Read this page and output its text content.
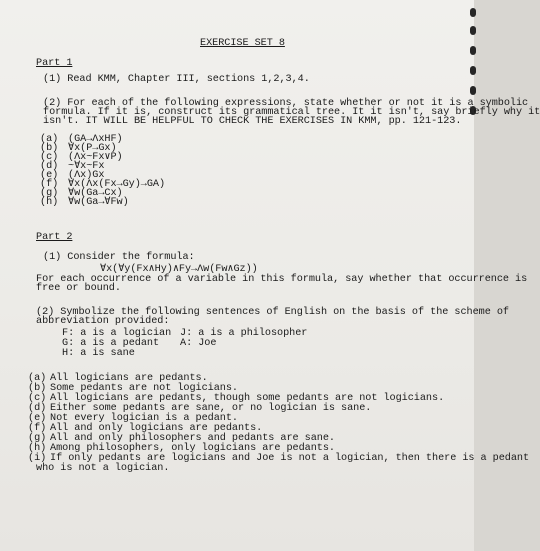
EXERCISE SET 8
Part 1
(1) Read KMM, Chapter III, sections 1,2,3,4.
(2) For each of the following expressions, state whether or not it is a symbolic
formula. If it is, construct its grammatical tree. It it isn't, say briefly why it
isn't. IT WILL BE HELPFUL TO CHECK THE EXERCISES IN KMM, pp. 121-123.
(a) (GA→ΛxHF)
(b) ∀x(P→Gx)
(c) (Λx~Fx∨P)
(d) ~∀x~Fx
(e) (Λx)Gx
(f) ∀x(Λx(Fx→Gy)→GA)
(g) ∀w(Ga→Cx)
(h) ∀w(Ga→∀Fw)
Part 2
(1) Consider the formula:
∀x(∀y(Fx∧Hy)∧Fy→Λw(Fw∧Gz))
For each occurrence of a variable in this formula, say whether that occurrence is
free or bound.
(2) Symbolize the following sentences of English on the basis of the scheme of
abbreviation provided:
F: a is a logician
G: a is a pedant
H: a is sane
J: a is a philosopher
A: Joe
(a) All logicians are pedants.
(b) Some pedants are not logicians.
(c) All logicians are pedants, though some pedants are not logicians.
(d) Either some pedants are sane, or no logician is sane.
(e) Not every logician is a pedant.
(f) All and only logicians are pedants.
(g) All and only philosophers and pedants are sane.
(h) Among philosophers, only logicians are pedants.
(i) If only pedants are logicians and Joe is not a logician, then there is a pedant
who is not a logician.
